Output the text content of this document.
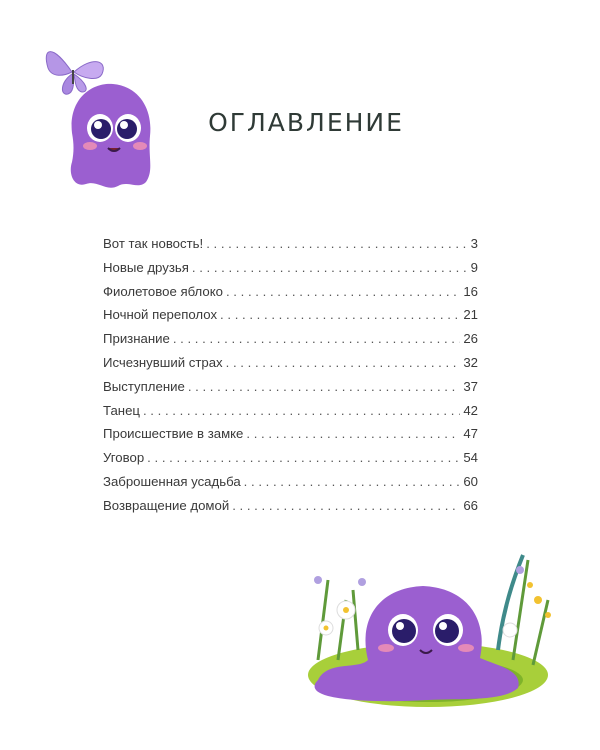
ОГЛАВЛЕНИЕ
Вот так новость! . . .	3
Новые друзья . . .	9
Фиолетовое яблоко . . .	16
Ночной переполох . . .	21
Признание . . .	26
Исчезнувший страх . . .	32
Выступление . . .	37
Танец . . .	42
Происшествие в замке . . .	47
Уговор . . .	54
Заброшенная усадьба . . .	60
Возвращение домой . . .	66
